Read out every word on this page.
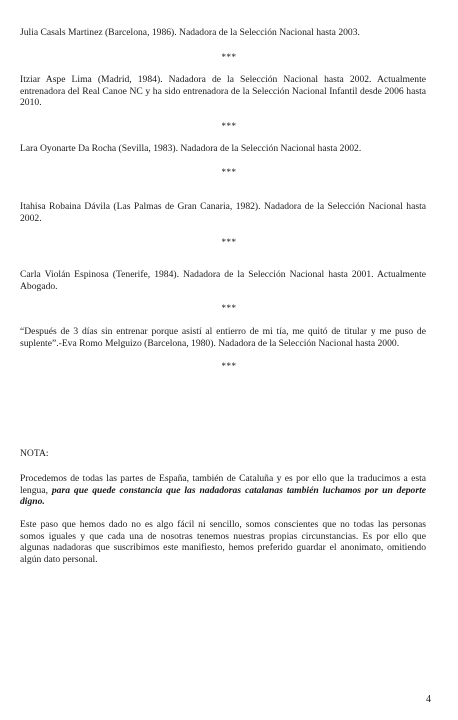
Julia Casals Martinez (Barcelona, 1986). Nadadora de la Selección Nacional hasta 2003.

***

Itziar Aspe Lima (Madrid, 1984). Nadadora de la Selección Nacional hasta 2002. Actualmente entrenadora del Real Canoe NC y ha sido entrenadora de la Selección Nacional Infantil desde 2006 hasta 2010.

***

Lara Oyonarte Da Rocha (Sevilla, 1983). Nadadora de la Selección Nacional hasta 2002.

***

Itahisa Robaina Dávila (Las Palmas de Gran Canaria, 1982). Nadadora de la Selección Nacional hasta 2002.

***

Carla Violán Espinosa (Tenerife, 1984). Nadadora de la Selección Nacional hasta 2001. Actualmente Abogado.

***

“Después de 3 días sin entrenar porque asistí al entierro de mi tía, me quitó de titular y me puso de suplente”.-Eva Romo Melguizo (Barcelona, 1980). Nadadora de la Selección Nacional hasta 2000.

***

NOTA:

Procedemos de todas las partes de España, también de Cataluña y es por ello que la traducimos a esta lengua, para que quede constancia que las nadadoras catalanas también luchamos por un deporte digno.

Este paso que hemos dado no es algo fácil ni sencillo, somos conscientes que no todas las personas somos iguales y que cada una de nosotras tenemos nuestras propias circunstancias. Es por ello que algunas nadadoras que suscribimos este manifiesto, hemos preferido guardar el anonimato, omitiendo algún dato personal.

4
